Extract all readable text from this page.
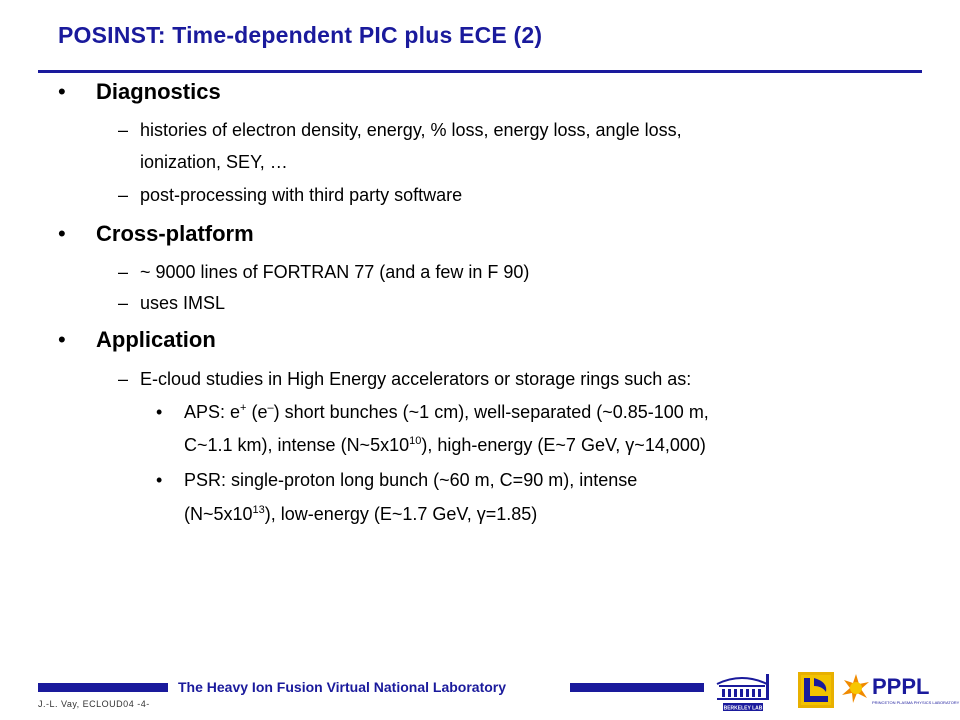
POSINST: Time-dependent PIC plus ECE (2)
• Diagnostics
– histories of electron density, energy, % loss, energy loss, angle loss,
ionization, SEY, …
– post-processing with third party software
• Cross-platform
– ~ 9000 lines of FORTRAN 77 (and a few in F 90)
– uses IMSL
• Application
– E-cloud studies in High Energy accelerators or storage rings such as:
• APS: e+ (e–) short bunches (~1 cm), well-separated (~0.85-100 m,
C~1.1 km), intense $(N\sim 5x10^{10})$, high-energy (E~7 GeV, γ~14,000)
• PSR: single-proton long bunch (~60 m, C=90 m), intense
$(N\sim 5x10^{13})$, low-energy (E~1.7 GeV, γ=1.85)
The Heavy Ion Fusion Virtual National Laboratory
J.-L. Vay, ECLOUD04 -4-	BERKELEY LAB
PPPL
PRINCETON PLASMA PHYSICS LABORATORY
